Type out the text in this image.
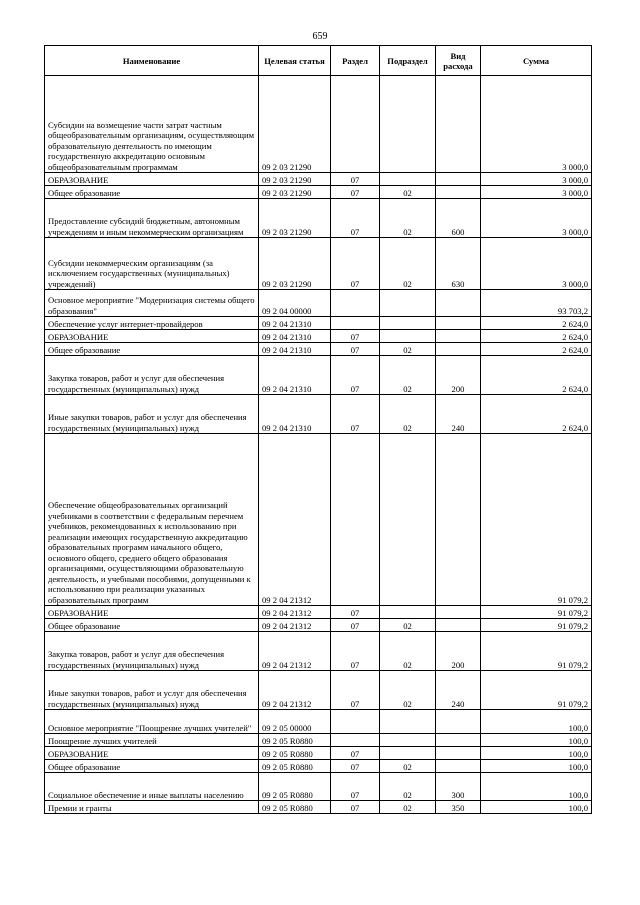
659
Наименование	Целевая статья	Раздел	Подраздел	Вид расхода	Сумма

Субсидии на возмещение части затрат частным общеобразовательным организациям, осуществляющим образовательную деятельность по имеющим государственную аккредитацию основным общеобразовательным программам	09 2 03 21290				3 000,0

ОБРАЗОВАНИЕ	09 2 03 21290	07			3 000,0

Общее образование	09 2 03 21290	07	02		3 000,0

Предоставление субсидий бюджетным, автономным учреждениям и иным некоммерческим организациям	09 2 03 21290	07	02	600	3 000,0

Субсидии некоммерческим организациям (за исключением государственных (муниципальных) учреждений)	09 2 03 21290	07	02	630	3 000,0

Основное мероприятие "Модернизация системы общего образования"	09 2 04 00000				93 703,2

Обеспечение услуг интернет-провайдеров	09 2 04 21310				2 624,0

ОБРАЗОВАНИЕ	09 2 04 21310	07			2 624,0

Общее образование	09 2 04 21310	07	02		2 624,0

Закупка товаров, работ и услуг для обеспечения государственных (муниципальных) нужд	09 2 04 21310	07	02	200	2 624,0

Иные закупки товаров, работ и услуг для обеспечения государственных (муниципальных) нужд	09 2 04 21310	07	02	240	2 624,0

Обеспечение общеобразовательных организаций учебниками в соответствии с федеральным перечнем учебников, рекомендованных к использованию при реализации имеющих государственную аккредитацию образовательных программ начального общего, основного общего, среднего общего образования организациями, осуществляющими образовательную деятельность, и учебными пособиями, допущенными к использованию при реализации указанных образовательных программ	09 2 04 21312				91 079,2

ОБРАЗОВАНИЕ	09 2 04 21312	07			91 079,2

Общее образование	09 2 04 21312	07	02		91 079,2

Закупка товаров, работ и услуг для обеспечения государственных (муниципальных) нужд	09 2 04 21312	07	02	200	91 079,2

Иные закупки товаров, работ и услуг для обеспечения государственных (муниципальных) нужд	09 2 04 21312	07	02	240	91 079,2

Основное мероприятие "Поощрение лучших учителей"	09 2 05 00000				100,0

Поощрение лучших учителей	09 2 05 R0880				100,0

ОБРАЗОВАНИЕ	09 2 05 R0880	07			100,0

Общее образование	09 2 05 R0880	07	02		100,0

Социальное обеспечение и иные выплаты населению	09 2 05 R0880	07	02	300	100,0

Премии и гранты	09 2 05 R0880	07	02	350	100,0
